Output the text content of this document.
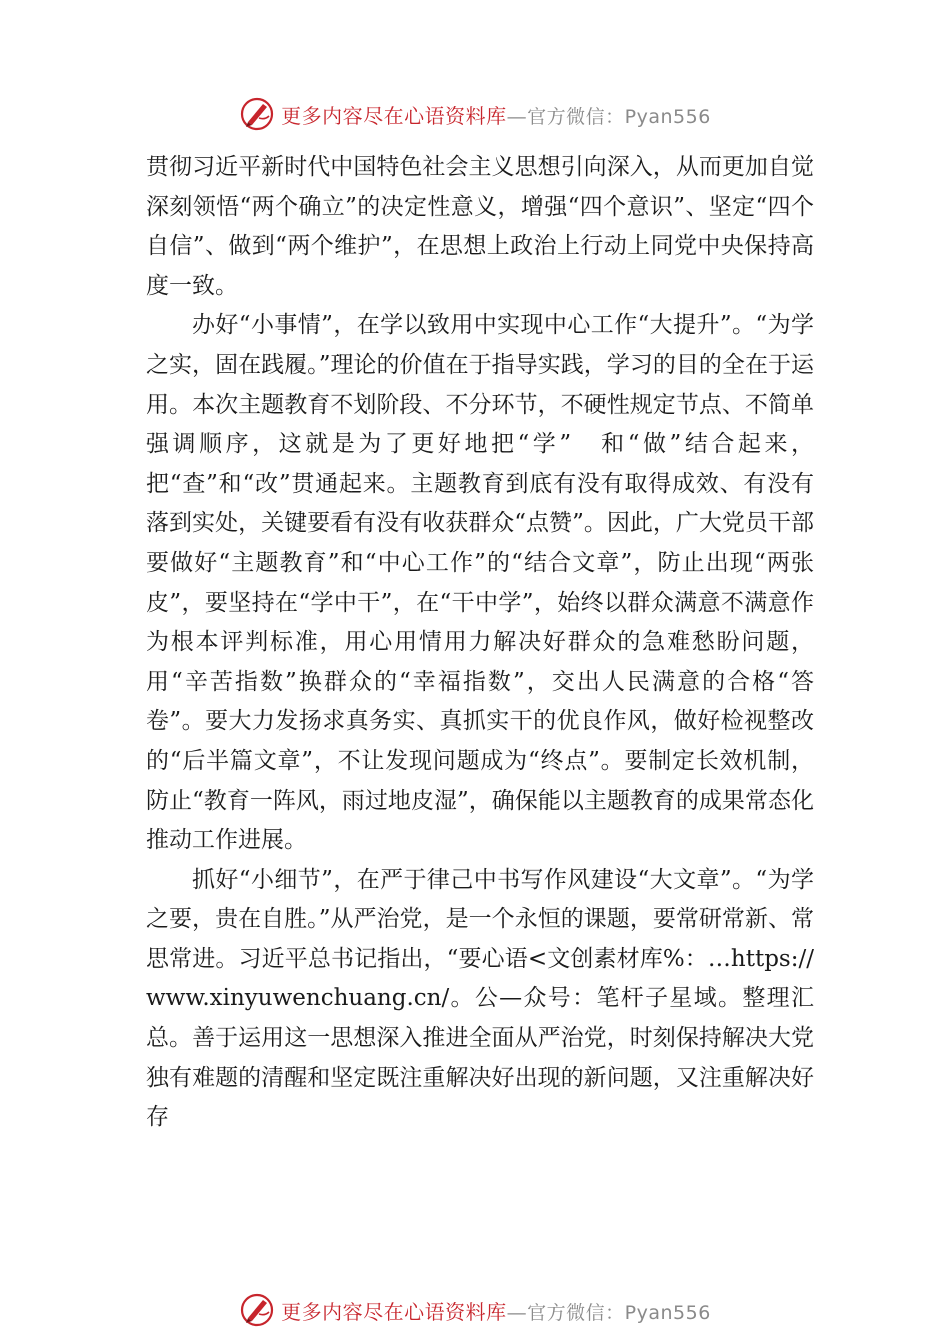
更多内容尽在心语资料库—官方微信：Pyan556

贯彻习近平新时代中国特色社会主义思想引向深入，从而更加自觉深刻领悟“两个确立”的决定性意义，增强“四个意识”、坚定“四个自信”、做到“两个维护”，在思想上政治上行动上同党中央保持高度一致。

办好“小事情”，在学以致用中实现中心工作“大提升”。“为学之实，固在践履。”理论的价值在于指导实践，学习的目的全在于运用。本次主题教育不划阶段、不分环节，不硬性规定节点、不简单强调顺序，这就是为了更好地把“学”　和“做”结合起来，把“查”和“改”贯通起来。主题教育到底有没有取得成效、有没有落到实处，关键要看有没有收获群众“点赞”。因此，广大党员干部要做好“主题教育”和“中心工作”的“结合文章”，防止出现“两张皮”，要坚持在“学中干”，在“干中学”，始终以群众满意不满意作为根本评判标准，用心用情用力解决好群众的急难愁盼问题，用“辛苦指数”换群众的“幸福指数”，交出人民满意的合格“答卷”。要大力发扬求真务实、真抓实干的优良作风，做好检视整改的“后半篇文章”，不让发现问题成为“终点”。要制定长效机制，防止“教育一阵风，雨过地皮湿”，确保能以主题教育的成果常态化推动工作进展。

抓好“小细节”，在严于律己中书写作风建设“大文章”。“为学之要，贵在自胜。”从严治党，是一个永恒的课题，要常研常新、常思常进。习近平总书记指出，“要心语<文创素材库%：…https://www.xinyuwenchuang.cn/。公—众号：笔杆子星域。整理汇总。善于运用这一思想深入推进全面从严治党，时刻保持解决大党独有难题的清醒和坚定既注重解决好出现的新问题，又注重解决好存

更多内容尽在心语资料库—官方微信：Pyan556
